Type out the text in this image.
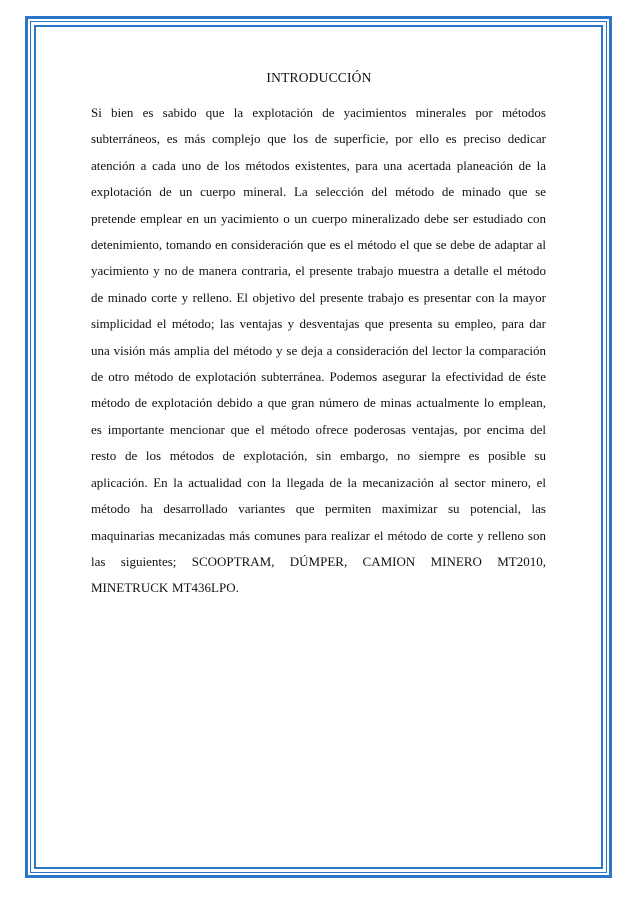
INTRODUCCIÓN

Si bien es sabido que la explotación de yacimientos minerales por métodos subterráneos, es más complejo que los de superficie, por ello es preciso dedicar atención a cada uno de los métodos existentes, para una acertada planeación de la explotación de un cuerpo mineral. La selección del método de minado que se pretende emplear en un yacimiento o un cuerpo mineralizado debe ser estudiado con detenimiento, tomando en consideración que es el método el que se debe de adaptar al yacimiento y no de manera contraria, el presente trabajo muestra a detalle el método de minado corte y relleno. El objetivo del presente trabajo es presentar con la mayor simplicidad el método; las ventajas y desventajas que presenta su empleo, para dar una visión más amplia del método y se deja a consideración del lector la comparación de otro método de explotación subterránea. Podemos asegurar la efectividad de éste método de explotación debido a que gran número de minas actualmente lo emplean, es importante mencionar que el método ofrece poderosas ventajas, por encima del resto de los métodos de explotación, sin embargo, no siempre es posible su aplicación. En la actualidad con la llegada de la mecanización al sector minero, el método ha desarrollado variantes que permiten maximizar su potencial, las maquinarias mecanizadas más comunes para realizar el método de corte y relleno son las siguientes; SCOOPTRAM, DÚMPER, CAMION MINERO MT2010, MINETRUCK MT436LPO.
